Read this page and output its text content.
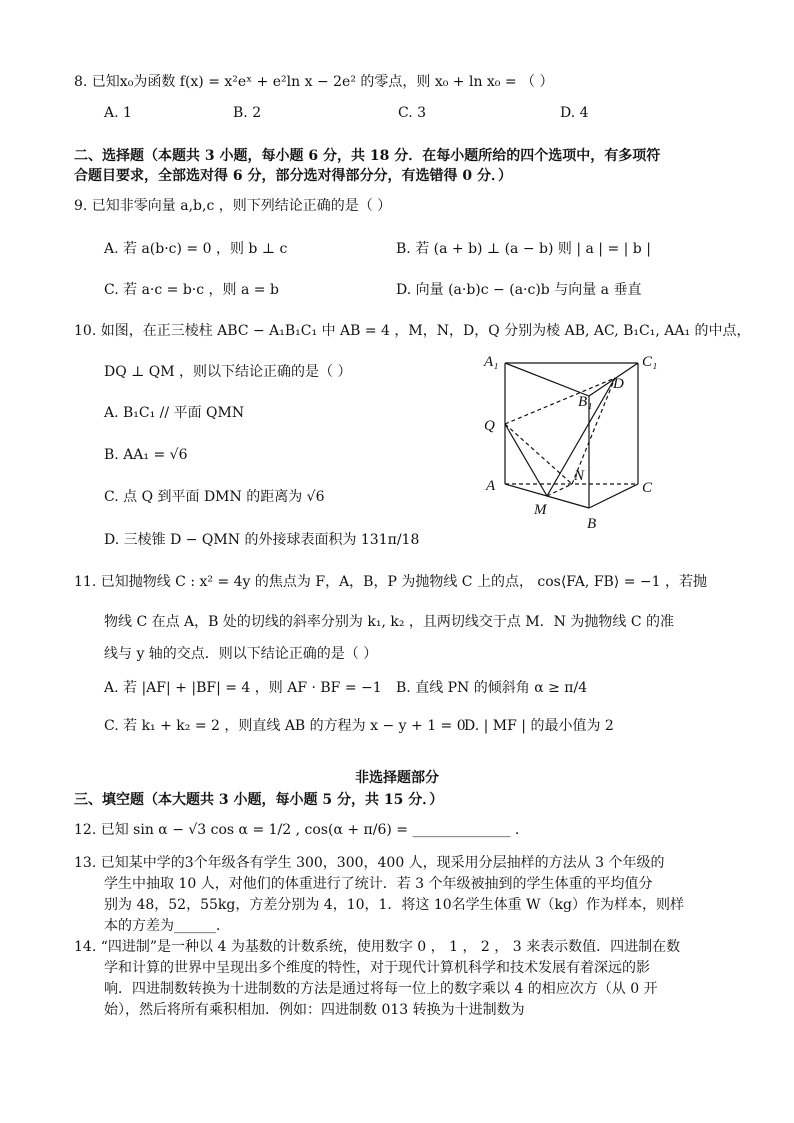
8. 已知x₀为函数 f(x) = x²eˣ + e²ln x − 2e² 的零点，则 x₀ + ln x₀ = （ ）
A. 1	B. 2	C. 3	D. 4
二、选择题（本题共 3 小题，每小题 6 分，共 18 分．在每小题所给的四个选项中，有多项符
合题目要求，全部选对得 6 分，部分选对得部分分，有选错得 0 分．）
9. 已知非零向量 a,b,c ，则下列结论正确的是（ ）
A. 若 a(b·c) = 0 ，则 b ⊥ c	B. 若 (a + b) ⊥ (a − b) 则 | a | = | b |
C. 若 a·c = b·c ，则 a = b	D. 向量 (a·b)c − (a·c)b 与向量 a 垂直
10. 如图，在正三棱柱 ABC − A₁B₁C₁ 中 AB = 4 ，M，N，D，Q 分别为棱 AB, AC, B₁C₁, AA₁ 的中点，
DQ ⊥ QM ，则以下结论正确的是（ ）
A. B₁C₁ // 平面 QMN
B. AA₁ = √6
C. 点 Q 到平面 DMN 的距离为 √6
D. 三棱锥 D − QMN 的外接球表面积为 131π/18
A₁	C₁
D
B₁
Q
N
A	C
M
B
11. 已知抛物线 C : x² = 4y 的焦点为 F，A，B，P 为抛物线 C 上的点， cos⟨FA, FB⟩ = −1 ，若抛
物线 C 在点 A，B 处的切线的斜率分别为 k₁, k₂ ，且两切线交于点 M．N 为抛物线 C 的准
线与 y 轴的交点．则以下结论正确的是（ ）
A. 若 |AF| + |BF| = 4 ，则 AF · BF = −1 B. 直线 PN 的倾斜角 α ≥ π/4
C. 若 k₁ + k₂ = 2 ，则直线 AB 的方程为 x − y + 1 = 0
D. | MF | 的最小值为 2
非选择题部分
三、填空题（本大题共 3 小题，每小题 5 分，共 15 分．）
12. 已知 sin α − √3 cos α = 1/2 , cos(α + π/6) = ______________ .
13. 已知某中学的3个年级各有学生 300，300，400 人，现采用分层抽样的方法从 3 个年级的
学生中抽取 10 人，对他们的体重进行了统计．若 3 个年级被抽到的学生体重的平均值分
别为 48，52，55kg，方差分别为 4，10，1．将这 10名学生体重 W（kg）作为样本，则样
本的方差为______．
14. “四进制”是一种以 4 为基数的计数系统，使用数字 0 ， 1 ， 2 ， 3 来表示数值．四进制在数
学和计算的世界中呈现出多个维度的特性，对于现代计算机科学和技术发展有着深远的影
响．四进制数转换为十进制数的方法是通过将每一位上的数字乘以 4 的相应次方（从 0 开
始），然后将所有乘积相加．例如：四进制数 013 转换为十进制数为
